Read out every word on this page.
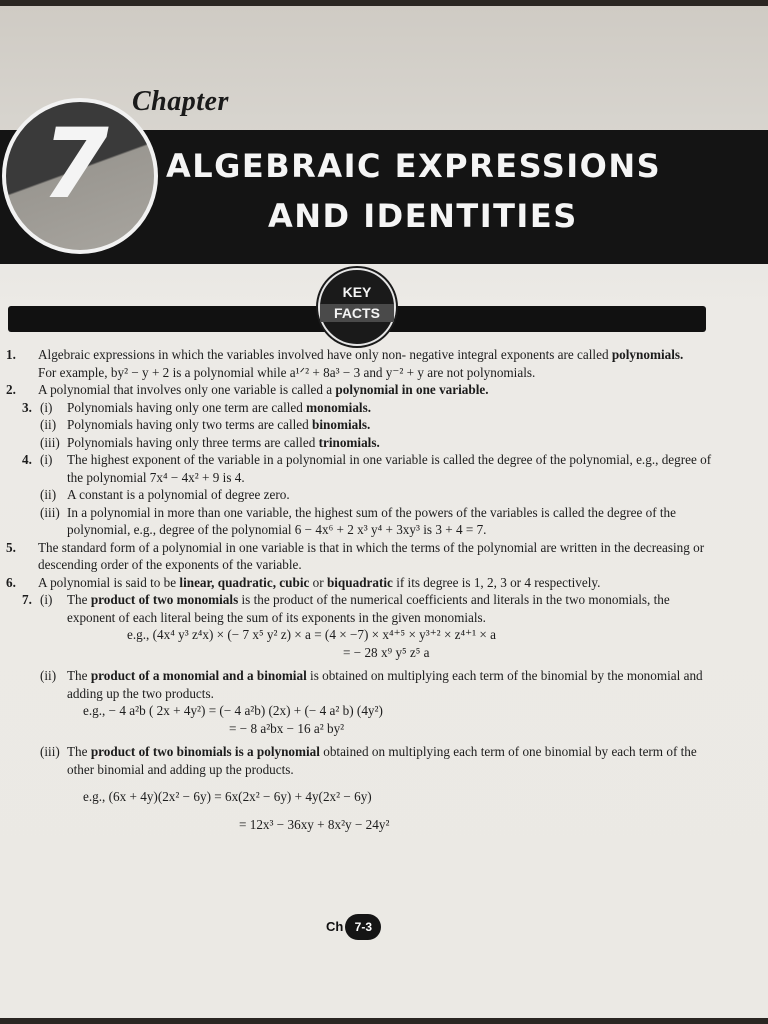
Chapter
ALGEBRAIC EXPRESSIONS
AND IDENTITIES
7
KEY
FACTS
1. Algebraic expressions in which the variables involved have only non- negative integral exponents are called polynomials.
For example, by² − y + 2 is a polynomial while a¹ᐟ² + 8a³ − 3 and y⁻² + y are not polynomials.
2. A polynomial that involves only one variable is called a polynomial in one variable.
3. (i) Polynomials having only one term are called monomials.
(ii) Polynomials having only two terms are called binomials.
(iii) Polynomials having only three terms are called trinomials.
4. (i) The highest exponent of the variable in a polynomial in one variable is called the degree of the polynomial, e.g., degree of the polynomial 7x⁴ − 4x² + 9 is 4.
(ii) A constant is a polynomial of degree zero.
(iii) In a polynomial in more than one variable, the highest sum of the powers of the variables is called the degree of the polynomial, e.g., degree of the polynomial 6 − 4x⁶ + 2 x³ y⁴ + 3xy³ is 3 + 4 = 7.
5. The standard form of a polynomial in one variable is that in which the terms of the polynomial are written in the decreasing or descending order of the exponents of the variable.
6. A polynomial is said to be linear, quadratic, cubic or biquadratic if its degree is 1, 2, 3 or 4 respectively.
7. (i) The product of two monomials is the product of the numerical coefficients and literals in the two monomials, the exponent of each literal being the sum of its exponents in the given monomials.
e.g., (4x⁴ y³ z⁴x) × (− 7 x⁵ y² z) × a = (4 × −7) × x⁴⁺⁵ × y³⁺² × z⁴⁺¹ × a
= − 28 x⁹ y⁵ z⁵ a
(ii) The product of a monomial and a binomial is obtained on multiplying each term of the binomial by the monomial and adding up the two products.
e.g., − 4 a²b ( 2x + 4y²) = (− 4 a²b) (2x) + (− 4 a² b) (4y²)
= − 8 a²bx − 16 a² by²
(iii) The product of two binomials is a polynomial obtained on multiplying each term of one binomial by each term of the other binomial and adding up the products.
e.g., (6x + 4y)(2x² − 6y) = 6x(2x² − 6y) + 4y(2x² − 6y)
= 12x³ − 36xy + 8x²y − 24y²
Ch 7-3
